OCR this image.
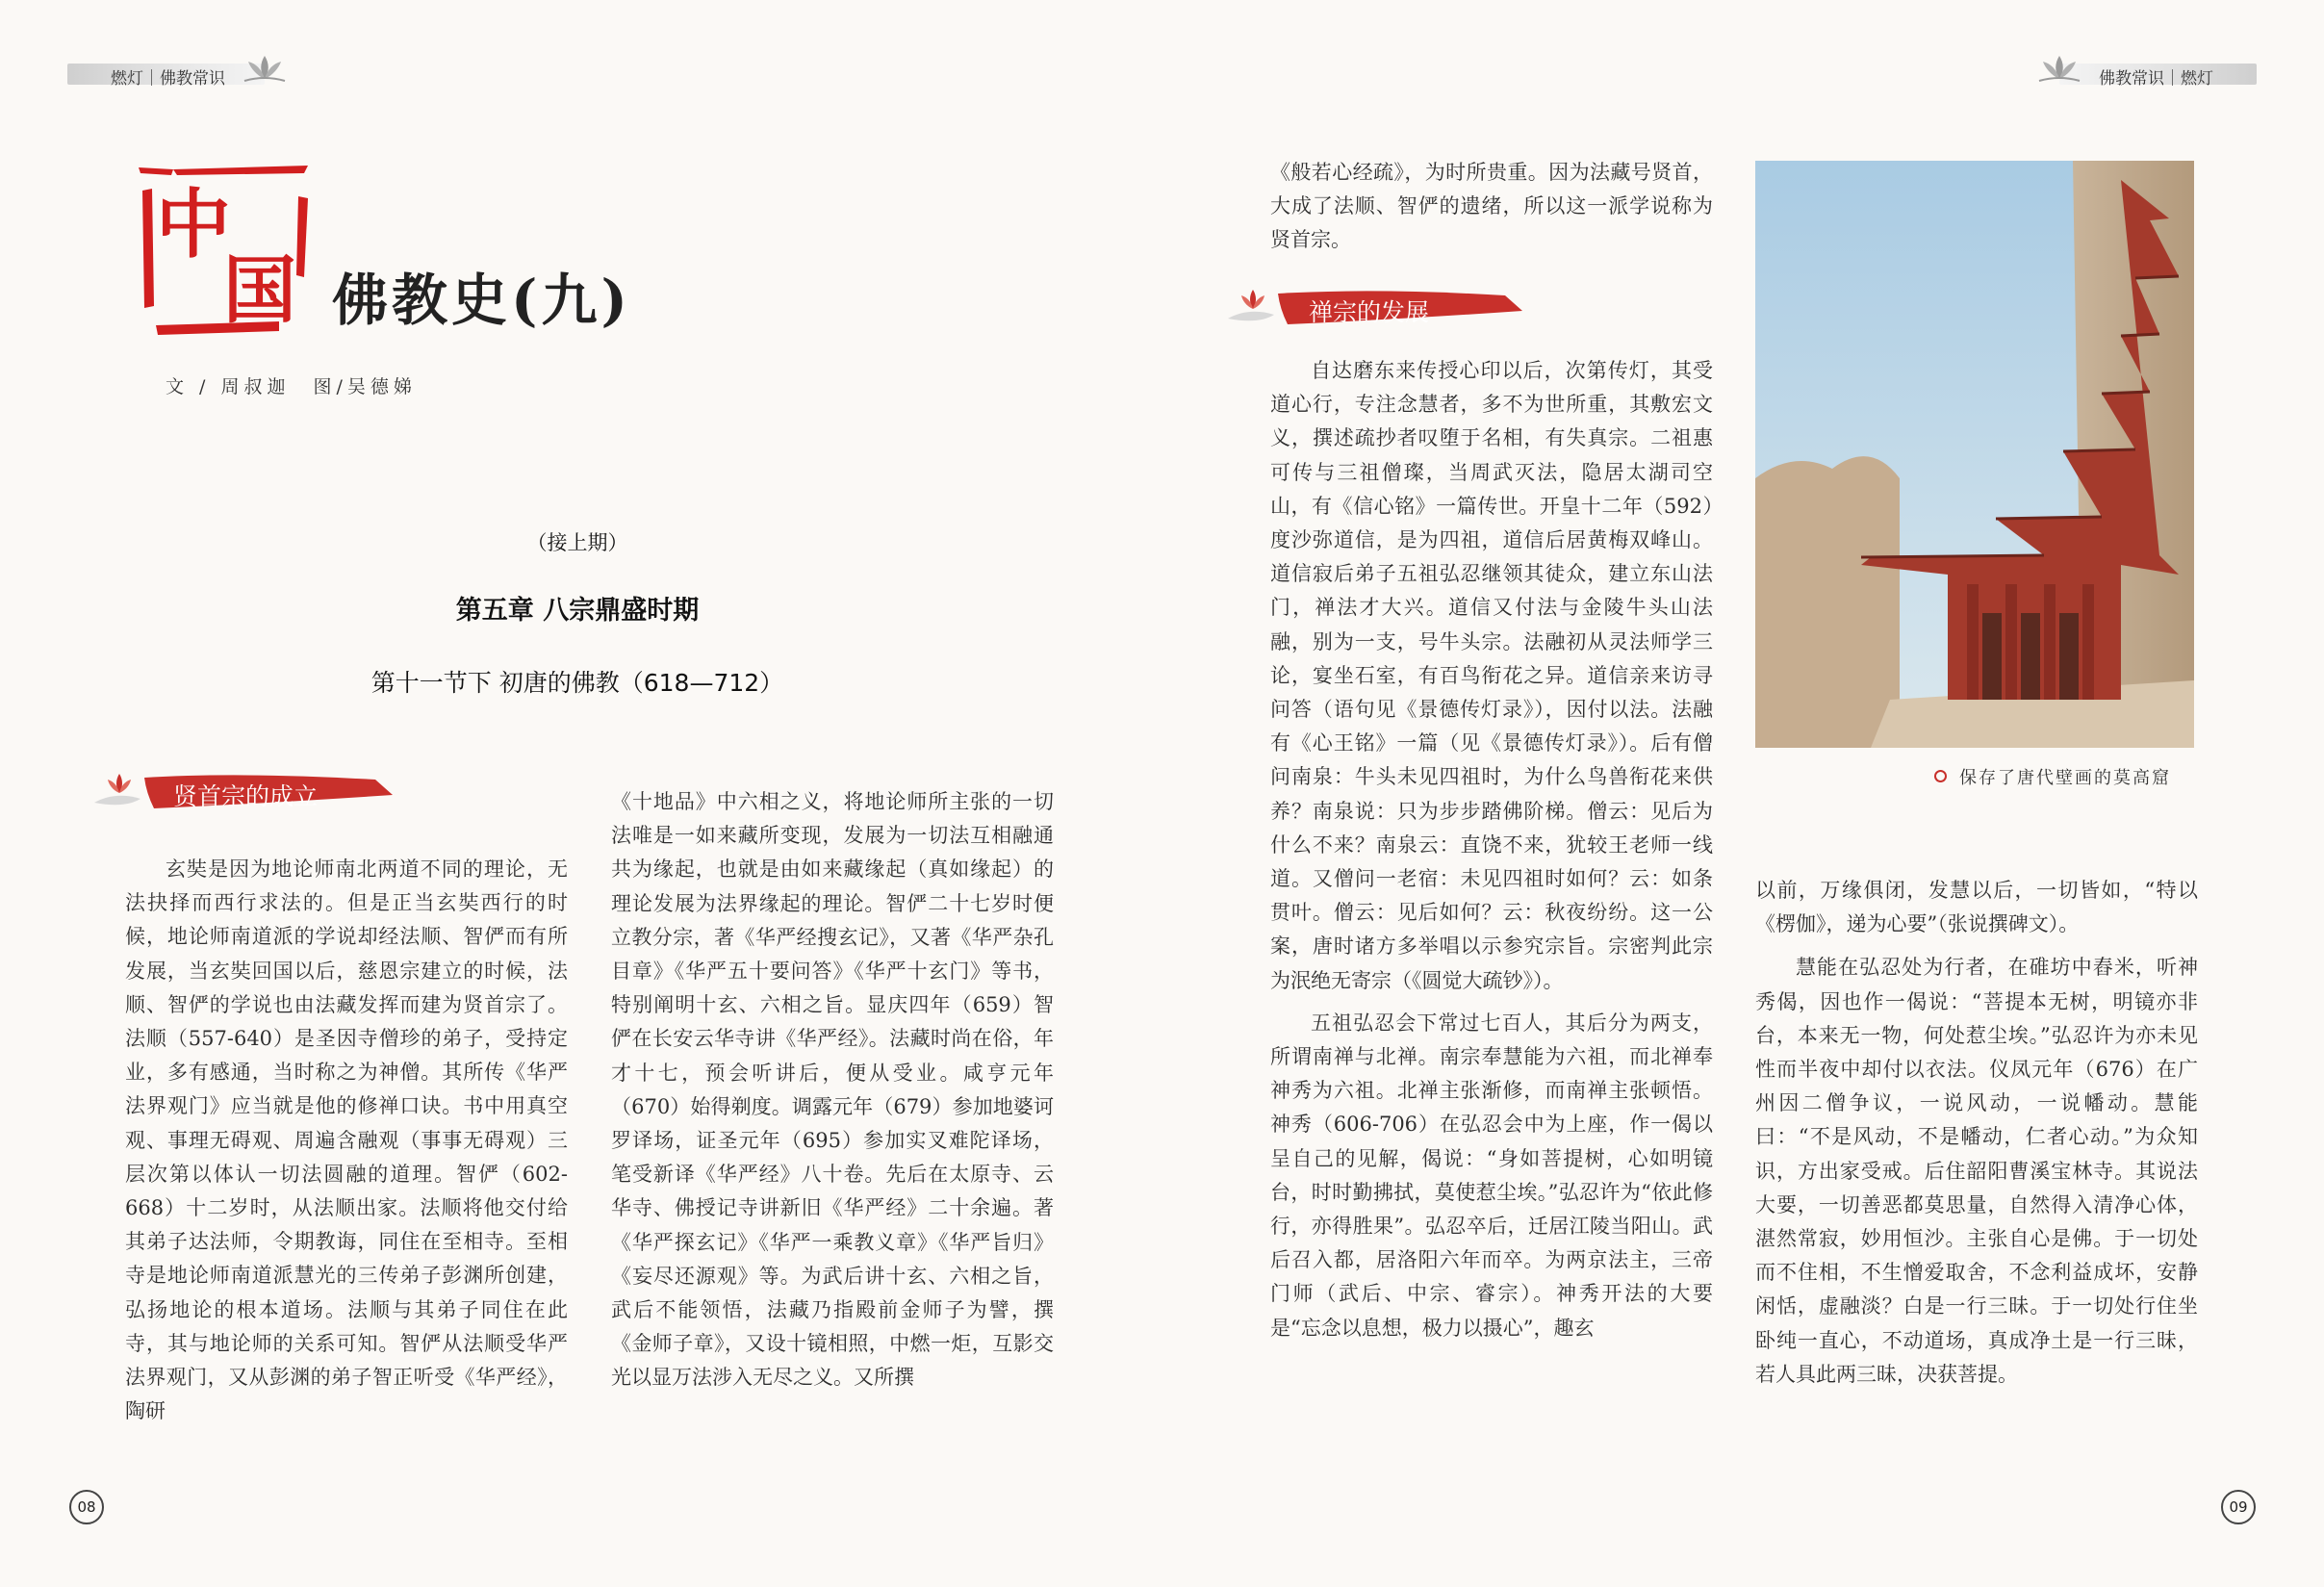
燃灯｜佛教常识	佛教常识｜燃灯
中
国 佛教史(九)
文 / 周叔迦　图/吴德娣
（接上期）
第五章 八宗鼎盛时期
第十一节下 初唐的佛教（618—712）
贤首宗的成立
禅宗的发展

玄奘是因为地论师南北两道不同的理论，无法抉择而西行求法的。但是正当玄奘西行的时候，地论师南道派的学说却经法顺、智俨而有所发展，当玄奘回国以后，慈恩宗建立的时候，法顺、智俨的学说也由法藏发挥而建为贤首宗了。法顺（557-640）是圣因寺僧珍的弟子，受持定业，多有感通，当时称之为神僧。其所传《华严法界观门》应当就是他的修禅口诀。书中用真空观、事理无碍观、周遍含融观（事事无碍观）三层次第以体认一切法圆融的道理。智俨（602-668）十二岁时，从法顺出家。法顺将他交付给其弟子达法师，令期教诲，同住在至相寺。至相寺是地论师南道派慧光的三传弟子彭渊所创建，弘扬地论的根本道场。法顺与其弟子同住在此寺，其与地论师的关系可知。智俨从法顺受华严法界观门，又从彭渊的弟子智正听受《华严经》，陶研

《十地品》中六相之义，将地论师所主张的一切法唯是一如来藏所变现，发展为一切法互相融通共为缘起，也就是由如来藏缘起（真如缘起）的理论发展为法界缘起的理论。智俨二十七岁时便立教分宗，著《华严经搜玄记》，又著《华严杂孔目章》《华严五十要问答》《华严十玄门》等书，特别阐明十玄、六相之旨。显庆四年（659）智俨在长安云华寺讲《华严经》。法藏时尚在俗，年才十七，预会听讲后，便从受业。咸亨元年（670）始得剃度。调露元年（679）参加地婆诃罗译场，证圣元年（695）参加实叉难陀译场，笔受新译《华严经》八十卷。先后在太原寺、云华寺、佛授记寺讲新旧《华严经》二十余遍。著《华严探玄记》《华严一乘教义章》《华严旨归》《妄尽还源观》等。为武后讲十玄、六相之旨，武后不能领悟，法藏乃指殿前金师子为譬，撰《金师子章》，又设十镜相照，中燃一炬，互影交光以显万法涉入无尽之义。又所撰

《般若心经疏》，为时所贵重。因为法藏号贤首，大成了法顺、智俨的遗绪，所以这一派学说称为贤首宗。

自达磨东来传授心印以后，次第传灯，其受道心行，专注念慧者，多不为世所重，其敷宏文义，撰述疏抄者叹堕于名相，有失真宗。二祖惠可传与三祖僧璨，当周武灭法，隐居太湖司空山，有《信心铭》一篇传世。开皇十二年（592）度沙弥道信，是为四祖，道信后居黄梅双峰山。道信寂后弟子五祖弘忍继领其徒众，建立东山法门，禅法才大兴。道信又付法与金陵牛头山法融，别为一支，号牛头宗。法融初从灵法师学三论，宴坐石室，有百鸟衔花之异。道信亲来访寻问答（语句见《景德传灯录》），因付以法。法融有《心王铭》一篇（见《景德传灯录》）。后有僧问南泉：牛头未见四祖时，为什么鸟兽衔花来供养？南泉说：只为步步踏佛阶梯。僧云：见后为什么不来？南泉云：直饶不来，犹较王老师一线道。又僧问一老宿：未见四祖时如何？云：如条贯叶。僧云：见后如何？云：秋夜纷纷。这一公案，唐时诸方多举唱以示参究宗旨。宗密判此宗为泯绝无寄宗（《圆觉大疏钞》）。

五祖弘忍会下常过七百人，其后分为两支，所谓南禅与北禅。南宗奉慧能为六祖，而北禅奉神秀为六祖。北禅主张渐修，而南禅主张顿悟。神秀（606-706）在弘忍会中为上座，作一偈以呈自己的见解，偈说：“身如菩提树，心如明镜台，时时勤拂拭，莫使惹尘埃。”弘忍许为“依此修行，亦得胜果”。弘忍卒后，迁居江陵当阳山。武后召入都，居洛阳六年而卒。为两京法主，三帝门师（武后、中宗、睿宗）。神秀开法的大要是“忘念以息想，极力以摄心”，趣玄

以前，万缘俱闭，发慧以后，一切皆如，“特以《楞伽》，递为心要”（张说撰碑文）。

慧能在弘忍处为行者，在碓坊中舂米，听神秀偈，因也作一偈说：“菩提本无树，明镜亦非台，本来无一物，何处惹尘埃。”弘忍许为亦未见性而半夜中却付以衣法。仪凤元年（676）在广州因二僧争议，一说风动，一说幡动。慧能曰：“不是风动，不是幡动，仁者心动。”为众知识，方出家受戒。后住韶阳曹溪宝林寺。其说法大要，一切善恶都莫思量，自然得入清净心体，湛然常寂，妙用恒沙。主张自心是佛。于一切处而不住相，不生憎爱取舍，不念利益成坏，安静闲恬，虚融淡？白是一行三昧。于一切处行住坐卧纯一直心，不动道场，真成净土是一行三昧，若人具此两三昧，决获菩提。

保存了唐代壁画的莫高窟
08	09
